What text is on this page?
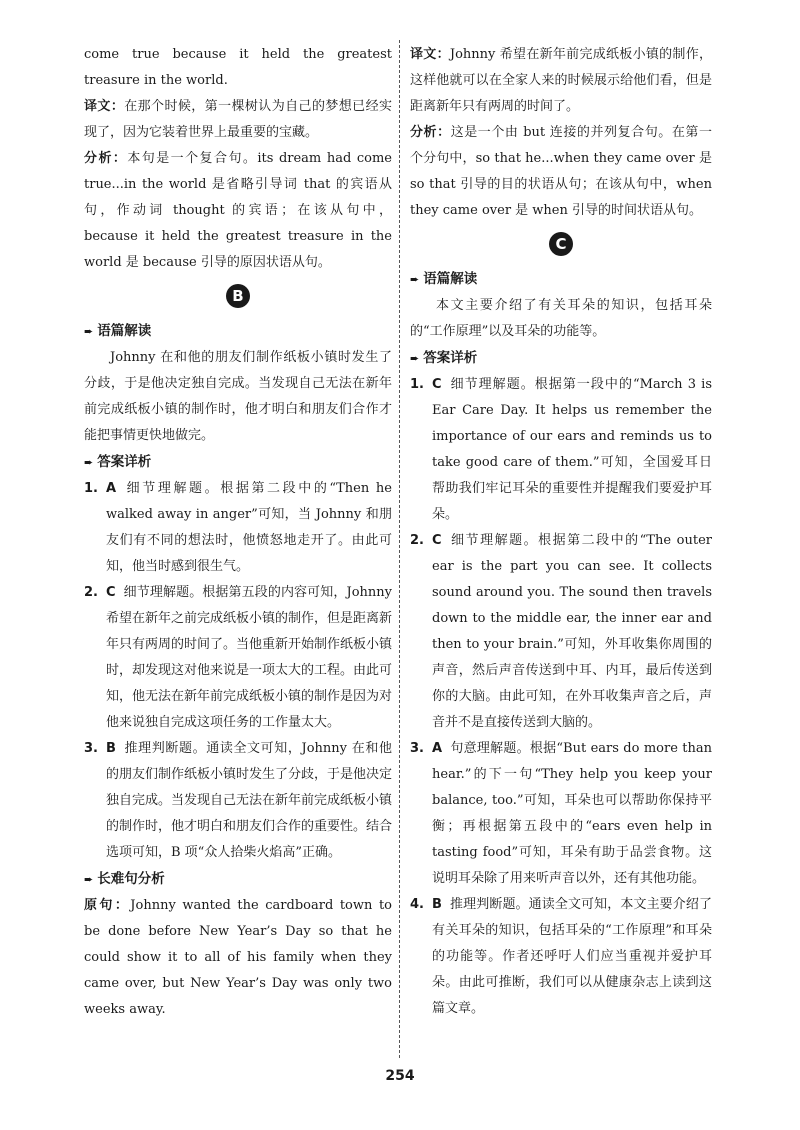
come true because it held the greatest treasure in the world.

译文：在那个时候，第一棵树认为自己的梦想已经实现了，因为它装着世界上最重要的宝藏。

分析：本句是一个复合句。its dream had come true...in the world 是省略引导词 that 的宾语从句，作动词 thought 的宾语；在该从句中，because it held the greatest treasure in the world 是 because 引导的原因状语从句。

B
➨ 语篇解读

Johnny 在和他的朋友们制作纸板小镇时发生了分歧，于是他决定独自完成。当发现自己无法在新年前完成纸板小镇的制作时，他才明白和朋友们合作才能把事情更快地做完。

➨ 答案详析
1. A 细节理解题。根据第二段中的“Then he walked away in anger”可知，当 Johnny 和朋友们有不同的想法时，他愤怒地走开了。由此可知，他当时感到很生气。
2. C 细节理解题。根据第五段的内容可知，Johnny 希望在新年之前完成纸板小镇的制作，但是距离新年只有两周的时间了。当他重新开始制作纸板小镇时，却发现这对他来说是一项太大的工程。由此可知，他无法在新年前完成纸板小镇的制作是因为对他来说独自完成这项任务的工作量太大。
3. B 推理判断题。通读全文可知，Johnny 在和他的朋友们制作纸板小镇时发生了分歧，于是他决定独自完成。当发现自己无法在新年前完成纸板小镇的制作时，他才明白和朋友们合作的重要性。结合选项可知，B 项“众人拾柴火焰高”正确。
➨ 长难句分析

原句：Johnny wanted the cardboard town to be done before New Year’s Day so that he could show it to all of his family when they came over, but New Year’s Day was only two weeks away.

译文：Johnny 希望在新年前完成纸板小镇的制作，这样他就可以在全家人来的时候展示给他们看，但是距离新年只有两周的时间了。

分析：这是一个由 but 连接的并列复合句。在第一个分句中，so that he...when they came over 是 so that 引导的目的状语从句；在该从句中，when they came over 是 when 引导的时间状语从句。

C
➨ 语篇解读

本文主要介绍了有关耳朵的知识，包括耳朵的“工作原理”以及耳朵的功能等。

➨ 答案详析
1. C 细节理解题。根据第一段中的“March 3 is Ear Care Day. It helps us remember the importance of our ears and reminds us to take good care of them.”可知，全国爱耳日帮助我们牢记耳朵的重要性并提醒我们要爱护耳朵。
2. C 细节理解题。根据第二段中的“The outer ear is the part you can see. It collects sound around you. The sound then travels down to the middle ear, the inner ear and then to your brain.”可知，外耳收集你周围的声音，然后声音传送到中耳、内耳，最后传送到你的大脑。由此可知，在外耳收集声音之后，声音并不是直接传送到大脑的。
3. A 句意理解题。根据“But ears do more than hear.”的下一句“They help you keep your balance, too.”可知，耳朵也可以帮助你保持平衡；再根据第五段中的“ears even help in tasting food”可知，耳朵有助于品尝食物。这说明耳朵除了用来听声音以外，还有其他功能。
4. B 推理判断题。通读全文可知，本文主要介绍了有关耳朵的知识，包括耳朵的“工作原理”和耳朵的功能等。作者还呼吁人们应当重视并爱护耳朵。由此可推断，我们可以从健康杂志上读到这篇文章。
254
